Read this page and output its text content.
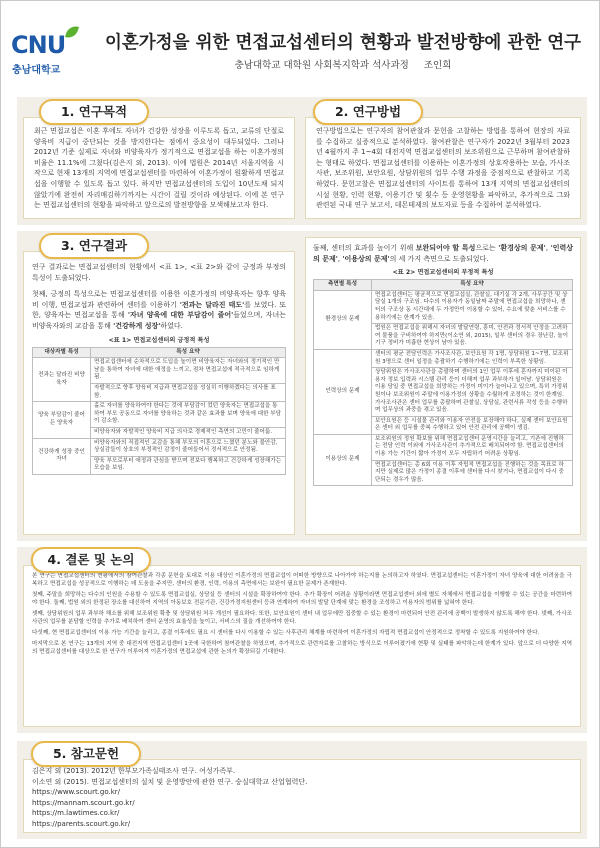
CNU
충남대학교
이혼가정을 위한 면접교섭센터의 현황과 발전방향에 관한 연구
충남대학교 대학원 사회복지학과 석사과정 조인희
최근 면접교섭은 이혼 후에도 자녀가 건강한 성장을 이루도록 돕고, 교류의 단절로 양육비 지급이 중단되는 것을 방지한다는 점에서 중요성이 대두되었다. 그러나 2012년 기준 실제로 자녀와 비양육자가 정기적으로 면접교섭을 하는 이혼가정의 비율은 11.1%에 그쳤다(김은지 외, 2013). 이에 법원은 2014년 서울지역을 시작으로 현재 13개의 지역에 면접교섭센터를 마련하여 이혼가정이 원활하게 면접교섭을 이행할 수 있도록 돕고 있다. 하지만 면접교섭센터의 도입이 10년도채 되지 않았기에 완전히 자리매김하기까지는 시간이 걸릴 것이라 예상된다. 이에 본 연구는 면접교섭센터의 현황을 파악하고 앞으로의 발전방향을 모색해보고자 한다.
1. 연구목적
연구방법으로는 연구자의 참여관찰과 문헌을 고찰하는 방법을 통하여 현장의 자료를 수집하고 실증적으로 분석하였다. 참여관찰은 연구자가 2022년 3월부터 2023년 4월까지 주 1~4회 대전지역 면접교섭센터의 보조위원으로 근무하며 참여관찰하는 형태로 하였다. 면접교섭센터를 이용하는 이혼가정의 상호작용하는 모습, 가사조사관, 보조위원, 보안요원, 상담위원의 업무 수행 과정을 중점적으로 관찰하고 기록하였다. 문헌고찰은 면접교섭센터의 사이트를 통하여 13개 지역의 면접교섭센터의 시설 현황, 인력 현황, 이용기간 및 횟수 등 운영현황을 파악하고, 추가적으로 그와 관련된 국내 연구 보고서, 데몬테제의 보도자료 등을 수집하여 분석하였다.
2. 연구방법
연구 결과로는 면접교섭센터의 현황에서 <표 1>, <표 2>와 같이 긍정과 부정의 특성이 도출되었다.
첫째, 긍정의 특성으로는 면접교섭센터를 이용한 이혼가정의 비양육자는 향후 양육비 이행, 면접교섭과 관련하여 센터를 이용하기 '전과는 달라진 태도'를 보였다. 또한, 양육자는 면접교섭을 통해 '자녀 양육에 대한 부담감이 줄어'들었으며, 자녀는 비양육자와의 교감을 통해 '건강하게 성장'하였다.
<표 1> 면접교섭센터의 긍정적 특성
대상자별 특성	특성 요약
전과는 달라진 비양육자	면접교섭센터에 순차적으로 도입을 높이면 비양육자는 자녀와의 정기적인 만남을 통하여 자녀에 대한 애정을 느끼고, 점차 면접교섭에 적극적으로 임하게 됨.
	자발적으로 향후 양육비 지급과 면접교섭을 성실히 이행하겠다는 의사를 표함.
양육 부담감이 줄어든 양육자	홀로 자녀를 양육하여야 한다는 것에 부담감이 컸던 양육자는 면접교섭을 통하여 부모 공동으로 자녀를 양육하는 것과 같은 효과를 보며 양육에 대한 부담이 감소함.
	비양육자와 자발적인 양육비 지급 의사로 경제적인 측면의 고민이 줄어듦.
건강하게 성장 중인 자녀	비양육자와의 직접적인 교감을 통해 부모의 이혼으로 느꼈던 분노와 불안감, 상실감들이 상호의 부정적인 감정이 줄어들어서 정서적으로 안정됨.
	양육 부모로부터 애정과 관심을 받으며 전보다 행복하고 건강하게 성장해가는 모습을 보임.
3. 연구결과	둘째, 센터의 효과를 높이기 위해 보완되어야 할 특성으로는 '환경상의 문제', '인력상의 문제', '이용상의 문제'의 세 가지 측면으로 도출되었다.
<표 2> 면접교섭센터의 부정적 특성
측면별 특성	특성 요약
환경상의 문제	면접교섭센터는 평균적으로 면접교섭실, 관찰실, 대기실 각 2개, 사무공간 및 상담실 1개의 구조임. 다수의 이용자가 동일날짜 주말에 면접교섭을 희망하나, 센터의 구조상 동 시간대에 두 가정만이 이용할 수 있어, 수요에 맞춘 서비스를 수용하기에는 한계가 있음.
	법원은 면접교섭을 위해서 자녀의 발달연령, 흥미, 안전과 정서적 안정을 고려하여 물품을 구비하여야 하지만(이소연 외, 2015), 일부 센터의 경우 장난감, 놀이기구 정비가 미흡한 현상이 남아 있음.
인력상의 문제	센터의 평균 전담인력은 가사조사관, 보안요원 각 1명, 상담위원 1~7명, 보조위원 3명으로 센터 일정을 총괄하기 수행하기에는 인력이 부족한 상황임.
	상담위원은 가사조사관을 총괄하며 센터의 1인 업무 이후에 혼자까지 미이된 이용자 정보 입력과 시스템 관리 등이 더해져 업무 과부하가 일어남. 상담위원은 이용 당일 중 면접교섭을 희망하는 가정이 미이가 늘어나고 있으며, 특히 가정위원이나 보조위원이 주말에 이용가정의 상황을 수월하게 조정하는 것이 한계임. 가사조사관은 센터 업무를 총괄하며 관찰실, 상담실, 관련서류 작성 등을 수행하며 업무상의 과중을 겪고 있음.
	보안요원은 등 시설물 관리와 이용자 안전을 보장해야 하나, 실제 센터 보안요원은 센터 외 업무를 중복 수행하고 있어 안전 관리에 공백이 생김.
이용상의 문제	보조위원의 정원 확보를 위해 면접교섭센터 운영시간을 늘리고, 기존에 진행하는 전담 인력 이외에 가사조사관이 추가적으로 배치되어야 함. 면접교섭센터의 이용 가능 기간이 짧아 가정이 모두 자립하기 어려운 상황임.
	면접교섭센터는 총 6회 이용 이후 자립적 면접교섭을 진행하는 것을 목표로 하지만 실제로 많은 가정이 종결 이후에 센터를 다시 찾거나, 면접교섭이 다시 중단되는 경우가 많음.
본 연구는 면접교섭센터의 현황에서의 참여관찰과 각종 문헌을 토대로 이용 대상인 이혼가정의 면접교섭이 어떠한 방향으로 나아가야 하는지를 논의하고자 하였다. 면접교섭센터는 이혼가정이 자녀 양육에 대한 어려움을 극복하고 면접교섭을 성공적으로 이행하는 데 도움을 주지만, 센터의 환경, 인력, 이용의 측면에서는 보완이 필요한 문제가 존재한다.
첫째, 주말을 희망하는 다수의 인원을 수용할 수 있도록 면접교섭실, 상담실 등 센터의 시설을 확장하여야 한다. 추가 확장이 어려운 상황이라면 면접교섭센터 외에 별도 자체에서 면접교섭을 이행할 수 있는 공간을 마련하여야 한다. 둘째, 법원 외의 한정된 장소를 대신하여 지역의 아동보호 전문기관, 건강가정지원센터 등과 연계하여 자녀의 발달 단계에 맞는 환경을 조성하고 이용자의 범위를 넓혀야 한다.
셋째, 상담위원의 업무 과부하 해소를 위해 보조위원 확충 및 상담위원 처우 개선이 필요하다. 또한, 보안요원이 센터 내 업무에만 집중할 수 있는 환경이 마련되어 안전 관리에 공백이 발생하지 않도록 해야 한다. 넷째, 가사조사관의 업무를 분담할 인력을 추가로 배치하여 센터 운영의 효율성을 높이고, 서비스의 질을 개선하여야 한다.
다섯째, 현 면접교섭센터의 이용 가능 기간을 늘리고, 종결 이후에도 필요 시 센터를 다시 이용할 수 있는 사후관리 체계를 마련하여 이혼가정의 자립적 면접교섭이 안정적으로 정착할 수 있도록 지원하여야 한다.
마지막으로 본 연구는 13개의 지역 중 대전지역 면접교섭센터 1곳에 국한하여 참여관찰을 하였으며, 추가적으로 관련자료를 고찰하는 방식으로 이루어졌기에 현황 및 실태를 파악하는데 한계가 있다. 앞으로 더 다양한 지역의 면접교섭센터를 대상으로 한 연구가 이루어져 이혼가정의 면접교섭에 관한 논의가 확장되길 기대한다.
4. 결론 및 논의
김은지 외 (2013). 2012년 한부모가족실태조사 연구. 여성가족부.
이소연 외 (2015). 면접교섭센터의 설치 및 운영방안에 관한 연구. 숭실대학교 산업협력단.
https://www.scourt.go.kr/
https://mannam.scourt.go.kr/
https://m.lawtimes.co.kr/
https://parents.scourt.go.kr/
5. 참고문헌
